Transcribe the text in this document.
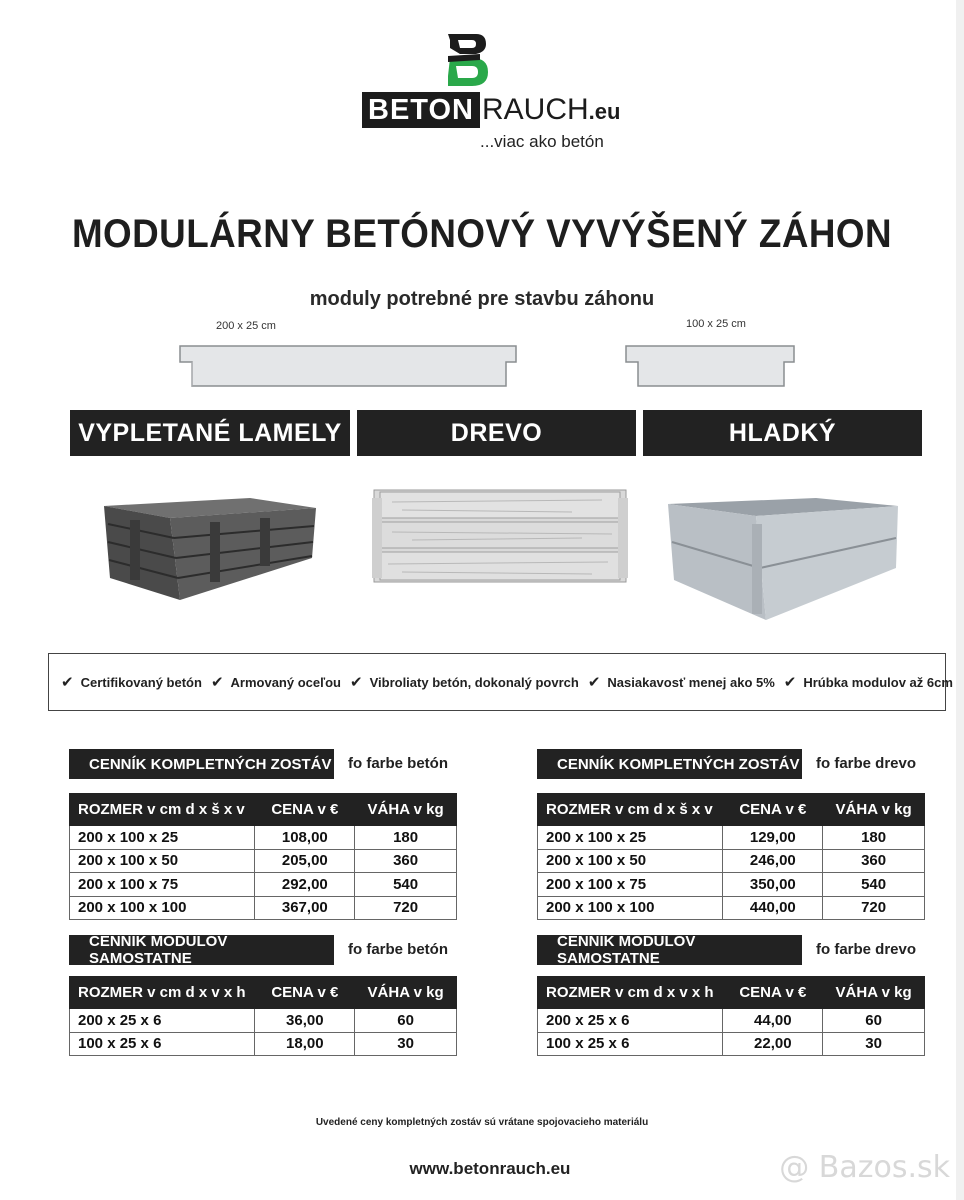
BETON RAUCH .eu
...viac ako betón
MODULÁRNY BETÓNOVÝ VYVÝŠENÝ ZÁHON
moduly potrebné pre stavbu záhonu
200 x 25 cm	100 x 25 cm
VYPLETANÉ LAMELY	DREVO	HLADKÝ
✔ Certifikovaný betón ✔ Armovaný oceľou ✔ Vibroliaty betón, dokonalý povrch ✔ Nasiakavosť menej ako 5% ✔ Hrúbka modulov až 6cm
CENNÍK KOMPLETNÝCH ZOSTÁV fo farbe betón
ROZMER v cm d x š x v	CENA v €	VÁHA v kg
200 x 100 x 25	108,00	180
200 x 100 x 50	205,00	360
200 x 100 x 75	292,00	540
200 x 100 x 100	367,00	720
CENNÍK KOMPLETNÝCH ZOSTÁV fo farbe drevo
ROZMER v cm d x š x v	CENA v €	VÁHA v kg
200 x 100 x 25	129,00	180
200 x 100 x 50	246,00	360
200 x 100 x 75	350,00	540
200 x 100 x 100	440,00	720
CENNÍK MODULOV SAMOSTATNE
fo farbe betón
ROZMER v cm d x v x h	CENA v €	VÁHA v kg
200 x 25 x 6	36,00	60
100 x 25 x 6	18,00	30
CENNÍK MODULOV SAMOSTATNE
fo farbe drevo
ROZMER v cm d x v x h	CENA v €	VÁHA v kg
200 x 25 x 6	44,00	60
100 x 25 x 6	22,00	30
Uvedené ceny kompletných zostáv sú vrátane spojovacieho materiálu
www.betonrauch.eu	@ Bazos.sk
